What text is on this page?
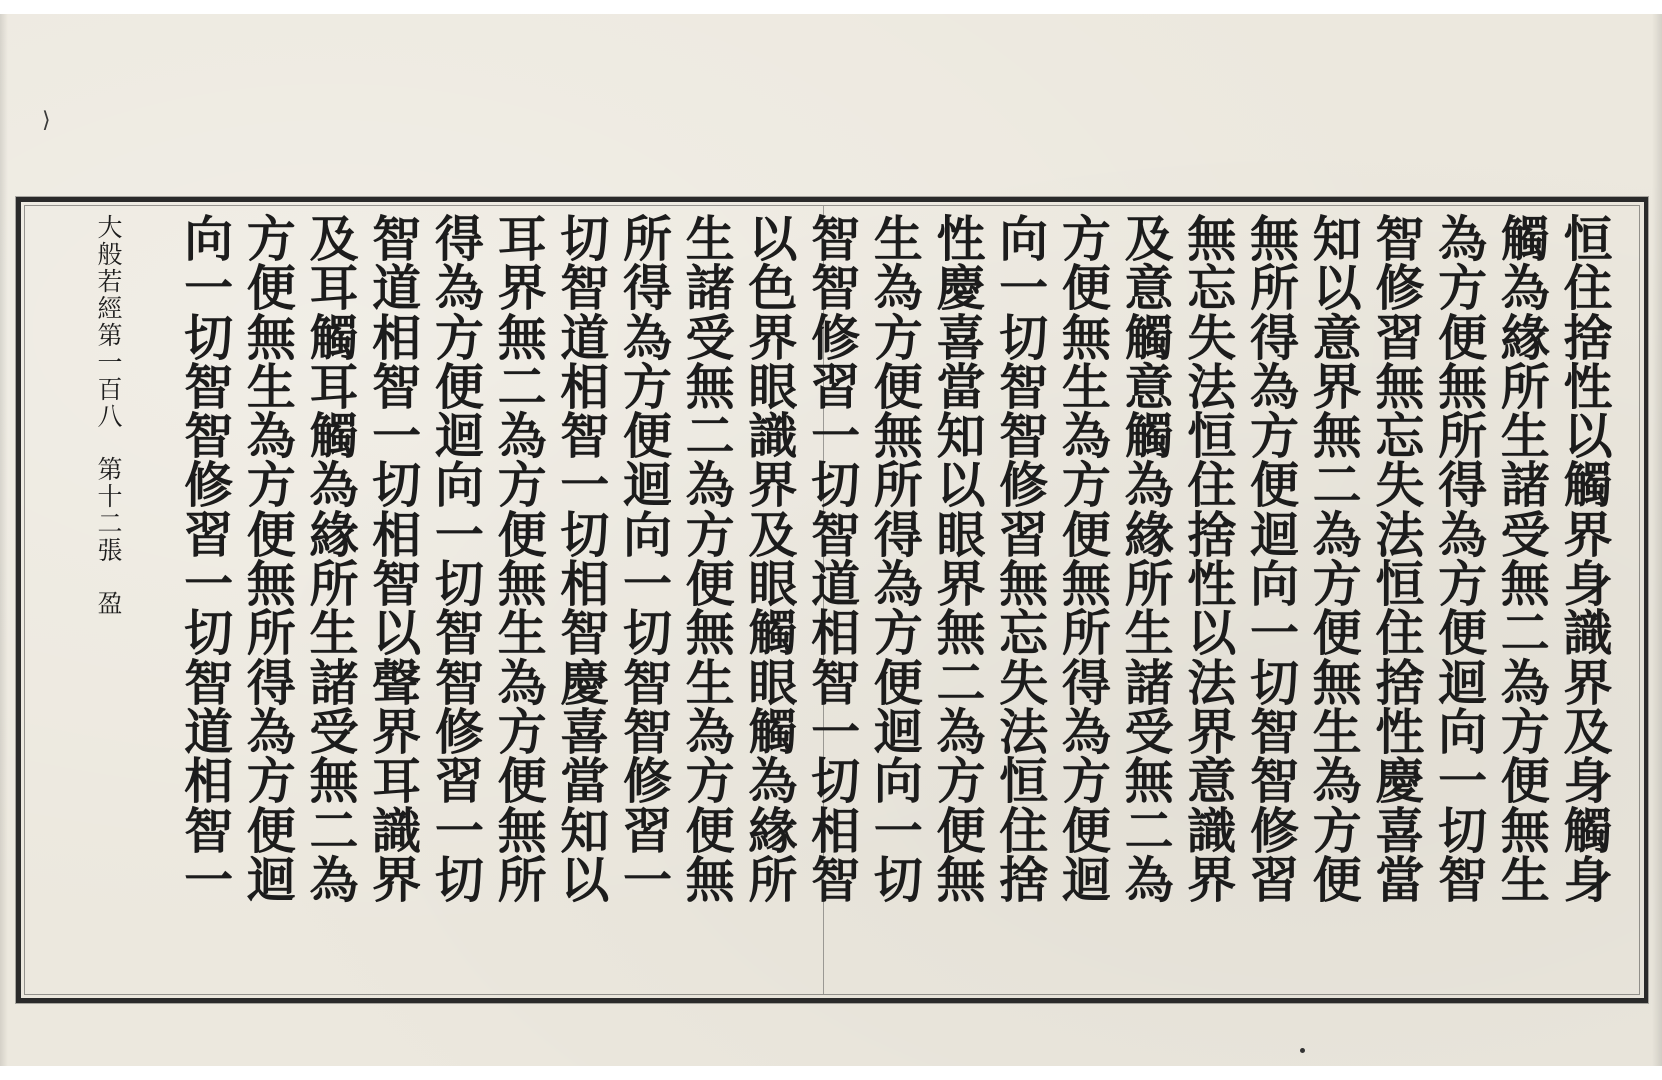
⟩
恒
住
捨
性
以
觸
界
身
識
界
及
身
觸
身
觸
為
緣
所
生
諸
受
無
二
為
方
便
無
生
為
方
便
無
所
得
為
方
便
迴
向
一
切
智
智
修
習
無
忘
失
法
恒
住
捨
性
慶
喜
當
知
以
意
界
無
二
為
方
便
無
生
為
方
便
無
所
得
為
方
便
迴
向
一
切
智
智
修
習
無
忘
失
法
恒
住
捨
性
以
法
界
意
識
界
及
意
觸
意
觸
為
緣
所
生
諸
受
無
二
為
方
便
無
生
為
方
便
無
所
得
為
方
便
迴
向
一
切
智
智
修
習
無
忘
失
法
恒
住
捨
性
慶
喜
當
知
以
眼
界
無
二
為
方
便
無
生
為
方
便
無
所
得
為
方
便
迴
向
一
切
智
智
修
習
一
切
智
道
相
智
一
切
相
智
以
色
界
眼
識
界
及
眼
觸
眼
觸
為
緣
所
生
諸
受
無
二
為
方
便
無
生
為
方
便
無
所
得
為
方
便
迴
向
一
切
智
智
修
習
一
切
智
道
相
智
一
切
相
智
慶
喜
當
知
以
耳
界
無
二
為
方
便
無
生
為
方
便
無
所
得
為
方
便
迴
向
一
切
智
智
修
習
一
切
智
道
相
智
一
切
相
智
以
聲
界
耳
識
界
及
耳
觸
耳
觸
為
緣
所
生
諸
受
無
二
為
方
便
無
生
為
方
便
無
所
得
為
方
便
迴
向
一
切
智
智
修
習
一
切
智
道
相
智
一
大般若經第一百八第十二張盈
